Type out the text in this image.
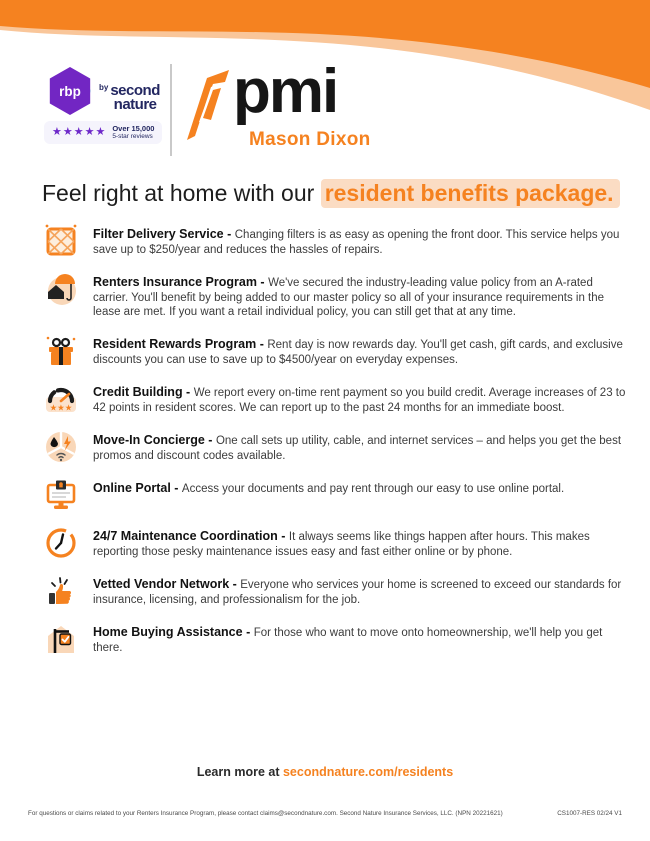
rbp $^{by}$ second
nature
★★★★★ Over 15,000
5-star reviews
pmi
Mason Dixon
Feel right at home with our resident benefits package.
Filter Delivery Service - Changing filters is as easy as opening the front door. This service helps you save up to $250/year and reduces the hassles of repairs.
Renters Insurance Program - We've secured the industry-leading value policy from an A-rated carrier. You'll benefit by being added to our master policy so all of your insurance requirements in the lease are met. If you want a retail individual policy, you can still get that at any time.
Resident Rewards Program - Rent day is now rewards day. You'll get cash, gift cards, and exclusive discounts you can use to save up to $4500/year on everyday expenses.
★★★
Credit Building - We report every on-time rent payment so you build credit. Average increases of 23 to 42 points in resident scores. We can report up to the past 24 months for an immediate boost.
Move-In Concierge - One call sets up utility, cable, and internet services – and helps you get the best promos and discount codes available.
Online Portal - Access your documents and pay rent through our easy to use online portal.
24/7 Maintenance Coordination - It always seems like things happen after hours. This makes reporting those pesky maintenance issues easy and fast either online or by phone.
Vetted Vendor Network - Everyone who services your home is screened to exceed our standards for insurance, licensing, and professionalism for the job.
Home Buying Assistance - For those who want to move onto homeownership, we'll help you get there.
Learn more at secondnature.com/residents
For questions or claims related to your Renters Insurance Program, please contact claims@secondnature.com. Second Nature Insurance Services, LLC. (NPN 20221621)	CS1007-RES 02/24 V1
